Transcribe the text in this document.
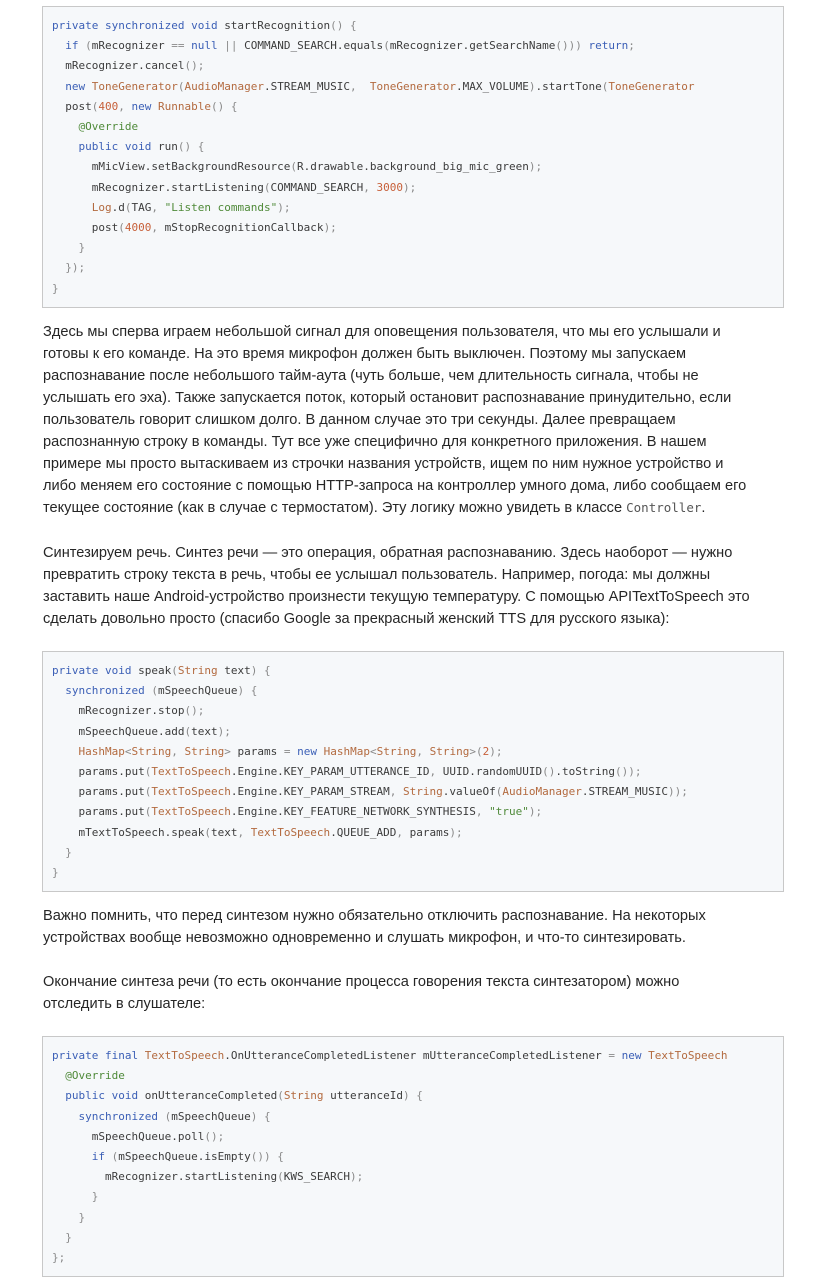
private synchronized void startRecognition() {
if (mRecognizer == null || COMMAND_SEARCH.equals(mRecognizer.getSearchName())) return;
mRecognizer.cancel();
new ToneGenerator(AudioManager.STREAM_MUSIC,  ToneGenerator.MAX_VOLUME).startTone(ToneGenerator
post(400, new Runnable() {
@Override
public void run() {
mMicView.setBackgroundResource(R.drawable.background_big_mic_green);
mRecognizer.startListening(COMMAND_SEARCH, 3000);
Log.d(TAG, "Listen commands");
post(4000, mStopRecognitionCallback);
}
});
}
Здесь мы сперва играем небольшой сигнал для оповещения пользователя, что мы его услышали и
готовы к его команде. На это время микрофон должен быть выключен. Поэтому мы запускаем
распознавание после небольшого тайм-аута (чуть больше, чем длительность сигнала, чтобы не
услышать его эха). Также запускается поток, который остановит распознавание принудительно, если
пользователь говорит слишком долго. В данном случае это три секунды. Далее превращаем
распознанную строку в команды. Тут все уже специфично для конкретного приложения. В нашем
примере мы просто вытаскиваем из строчки названия устройств, ищем по ним нужное устройство и
либо меняем его состояние с помощью HTTP-запроса на контроллер умного дома, либо сообщаем его
текущее состояние (как в случае с термостатом). Эту логику можно увидеть в классе Controller.
Синтезируем речь. Синтез речи — это операция, обратная распознаванию. Здесь наоборот — нужно
превратить строку текста в речь, чтобы ее услышал пользователь. Например, погода: мы должны
заставить наше Android-устройство произнести текущую температуру. С помощью APITextToSpeech это
сделать довольно просто (спасибо Google за прекрасный женский TTS для русского языка):
private void speak(String text) {
synchronized (mSpeechQueue) {
mRecognizer.stop();
mSpeechQueue.add(text);
HashMap<String, String> params = new HashMap<String, String>(2);
params.put(TextToSpeech.Engine.KEY_PARAM_UTTERANCE_ID, UUID.randomUUID().toString());
params.put(TextToSpeech.Engine.KEY_PARAM_STREAM, String.valueOf(AudioManager.STREAM_MUSIC));
params.put(TextToSpeech.Engine.KEY_FEATURE_NETWORK_SYNTHESIS, "true");
mTextToSpeech.speak(text, TextToSpeech.QUEUE_ADD, params);
}
}
Важно помнить, что перед синтезом нужно обязательно отключить распознавание. На некоторых
устройствах вообще невозможно одновременно и слушать микрофон, и что-то синтезировать.
Окончание синтеза речи (то есть окончание процесса говорения текста синтезатором) можно
отследить в слушателе:
private final TextToSpeech.OnUtteranceCompletedListener mUtteranceCompletedListener = new TextToSpeech
@Override
public void onUtteranceCompleted(String utteranceId) {
synchronized (mSpeechQueue) {
mSpeechQueue.poll();
if (mSpeechQueue.isEmpty()) {
mRecognizer.startListening(KWS_SEARCH);
}
}
}
};
